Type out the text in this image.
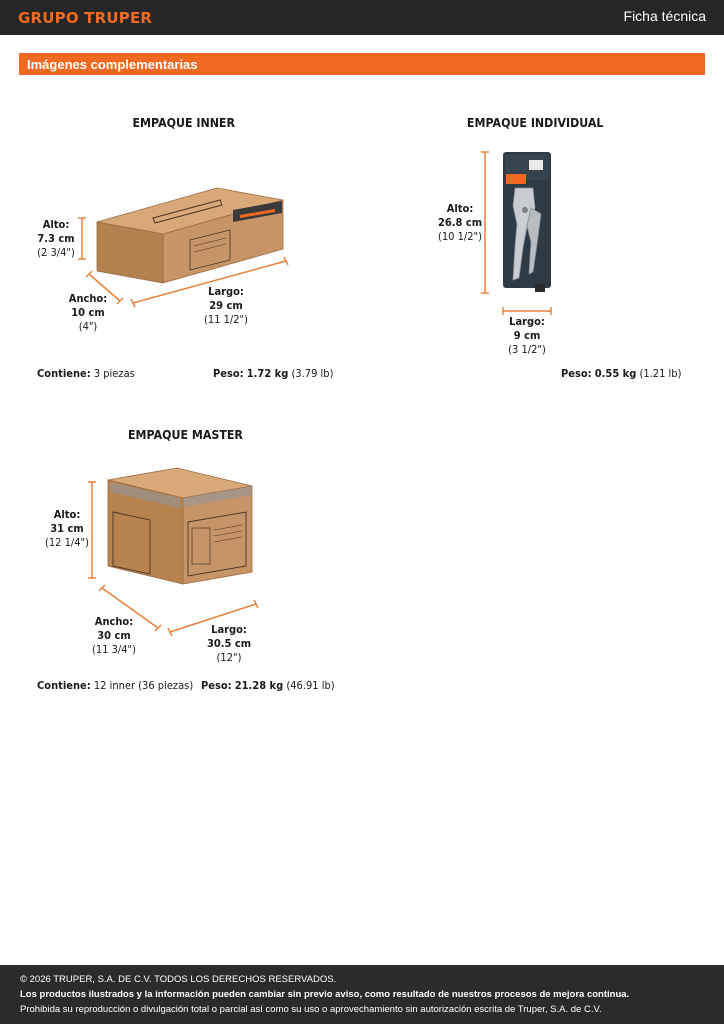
GRUPO TRUPER	Ficha técnica
Imágenes complementarias
EMPAQUE INNER
Alto:
7.3 cm
(2 3/4")
Ancho:
10 cm
(4")
Largo:
29 cm
(11 1/2")
Contiene: 3 piezas	Peso: 1.72 kg (3.79 lb)
EMPAQUE INDIVIDUAL
Alto:
26.8 cm
(10 1/2")
Largo:
9 cm
(3 1/2")
Peso: 0.55 kg (1.21 lb)
EMPAQUE MASTER
Alto:
31 cm
(12 1/4")
Ancho:
30 cm
(11 3/4")
Largo:
30.5 cm
(12")
Contiene: 12 inner (36 piezas) Peso: 21.28 kg (46.91 lb)
© 2026 TRUPER, S.A. DE C.V. TODOS LOS DERECHOS RESERVADOS.
Los productos ilustrados y la información pueden cambiar sin previo aviso, como resultado de nuestros procesos de mejora continua.
Prohibida su reproducción o divulgación total o parcial así como su uso o aprovechamiento sin autorización escrita de Truper, S.A. de C.V.
